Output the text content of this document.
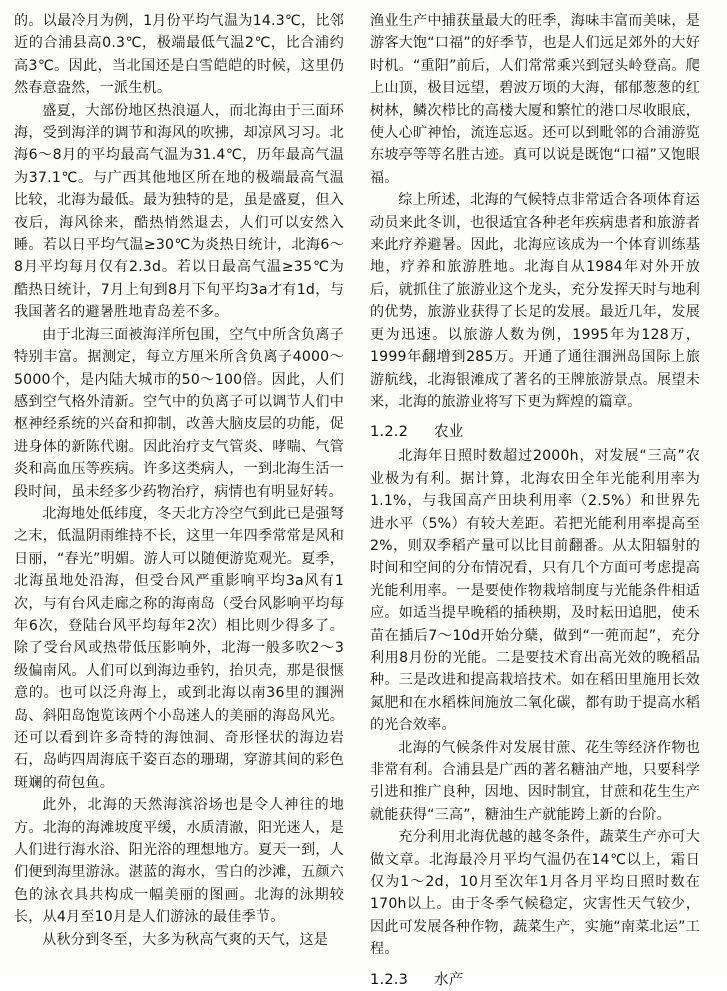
的。以最冷月为例，1月份平均气温为14.3℃，比邻近的合浦县高0.3℃，极端最低气温2℃，比合浦约高3℃。因此，当北国还是白雪皑皑的时候，这里仍然春意盎然，一派生机。

盛夏，大部份地区热浪逼人，而北海由于三面环海，受到海洋的调节和海风的吹拂，却凉风习习。北海6～8月的平均最高气温为31.4℃，历年最高气温为37.1℃。与广西其他地区所在地的极端最高气温比较，北海为最低。最为独特的是，虽是盛夏，但入夜后，海风徐来，酷热悄然退去，人们可以安然入睡。若以日平均气温≥30℃为炎热日统计，北海6～8月平均每月仅有2.3d。若以日最高气温≥35℃为酷热日统计，7月上旬到8月下旬平均3a才有1d，与我国著名的避暑胜地青岛差不多。

由于北海三面被海洋所包围，空气中所含负离子特别丰富。据测定，每立方厘米所含负离子4000～5000个，是内陆大城市的50～100倍。因此，人们感到空气格外清新。空气中的负离子可以调节人们中枢神经系统的兴奋和抑制，改善大脑皮层的功能，促进身体的新陈代谢。因此治疗支气管炎、哮喘、气管炎和高血压等疾病。许多这类病人，一到北海生活一段时间，虽未经多少药物治疗，病情也有明显好转。

北海地处低纬度，冬天北方冷空气到此已是强弩之末，低温阴雨维持不长，这里一年四季常常是风和日丽，“春光”明媚。游人可以随便游览观光。夏季，北海虽地处沿海，但受台风严重影响平均3a风有1次，与有台风走廊之称的海南岛（受台风影响平均每年6次，登陆台风平均每年2次）相比则少得多了。除了受台风或热带低压影响外，北海一般多吹2～3级偏南风。人们可以到海边垂钓，抬贝壳，那是很惬意的。也可以泛舟海上，或到北海以南36里的涠洲岛、斜阳岛饱览该两个小岛迷人的美丽的海岛风光。还可以看到许多奇特的海蚀洞、奇形怪状的海边岩石，岛屿四周海底千姿百态的珊瑚，穿游其间的彩色斑斓的荷包鱼。

此外，北海的天然海滨浴场也是令人神往的地方。北海的海滩坡度平缓，水质清澈，阳光迷人，是人们进行海水浴、阳光浴的理想地方。夏天一到，人们便到海里游泳。湛蓝的海水，雪白的沙滩，五颜六色的泳衣具共构成一幅美丽的图画。北海的泳期较长，从4月至10月是人们游泳的最佳季节。

从秋分到冬至，大多为秋高气爽的天气，这是

渔业生产中捕获量最大的旺季，海味丰富而美味，是游客大饱“口福”的好季节，也是人们远足郊外的大好时机。“重阳”前后，人们常常乘兴到冠头岭登高。爬上山顶，极目远望，碧波万顷的大海，郁郁葱葱的红树林，鳞次栉比的高楼大厦和繁忙的港口尽收眼底，使人心旷神怡，流连忘返。还可以到毗邻的合浦游览东坡亭等等名胜古迹。真可以说是既饱“口福”又饱眼福。

综上所述，北海的气候特点非常适合各项体育运动员来此冬训，也很适宜各种老年疾病患者和旅游者来此疗养避暑。因此，北海应该成为一个体育训练基地，疗养和旅游胜地。北海自从1984年对外开放后，就抓住了旅游业这个龙头，充分发挥天时与地利的优势，旅游业获得了长足的发展。最近几年，发展更为迅速。以旅游人数为例，1995年为128万，1999年翻增到285万。开通了通往涠洲岛国际上旅游航线，北海银滩成了著名的王牌旅游景点。展望未来，北海的旅游业将写下更为辉煌的篇章。

1.2.2 农业

北海年日照时数超过2000h，对发展“三高”农业极为有利。据计算，北海农田全年光能利用率为1.1%，与我国高产田块利用率（2.5%）和世界先进水平（5%）有较大差距。若把光能利用率提高至2%，则双季稻产量可以比目前翻番。从太阳辐射的时间和空间的分布情况看，只有几个方面可考虑提高光能利用率。一是要使作物栽培制度与光能条件相适应。如适当提早晚稻的插秧期，及时耘田追肥，使禾苗在插后7～10d开始分蘖，做到“一蔸而起”，充分利用8月份的光能。二是要技术育出高光效的晚稻品种。三是改进和提高栽培技术。如在稻田里施用长效氮肥和在水稻株间施放二氧化碳，都有助于提高水稻的光合效率。

北海的气候条件对发展甘蔗、花生等经济作物也非常有利。合浦县是广西的著名糖油产地，只要科学引进和推广良种，因地、因时制宜，甘蔗和花生生产就能获得“三高”，糖油生产就能跨上新的台阶。

充分利用北海优越的越冬条件，蔬菜生产亦可大做文章。北海最冷月平均气温仍在14℃以上，霜日仅为1～2d，10月至次年1月各月平均日照时数在170h以上。由于冬季气候稳定，灾害性天气较少，因此可发展各种作物，蔬菜生产，实施“南菜北运”工程。

1.2.3 水产
